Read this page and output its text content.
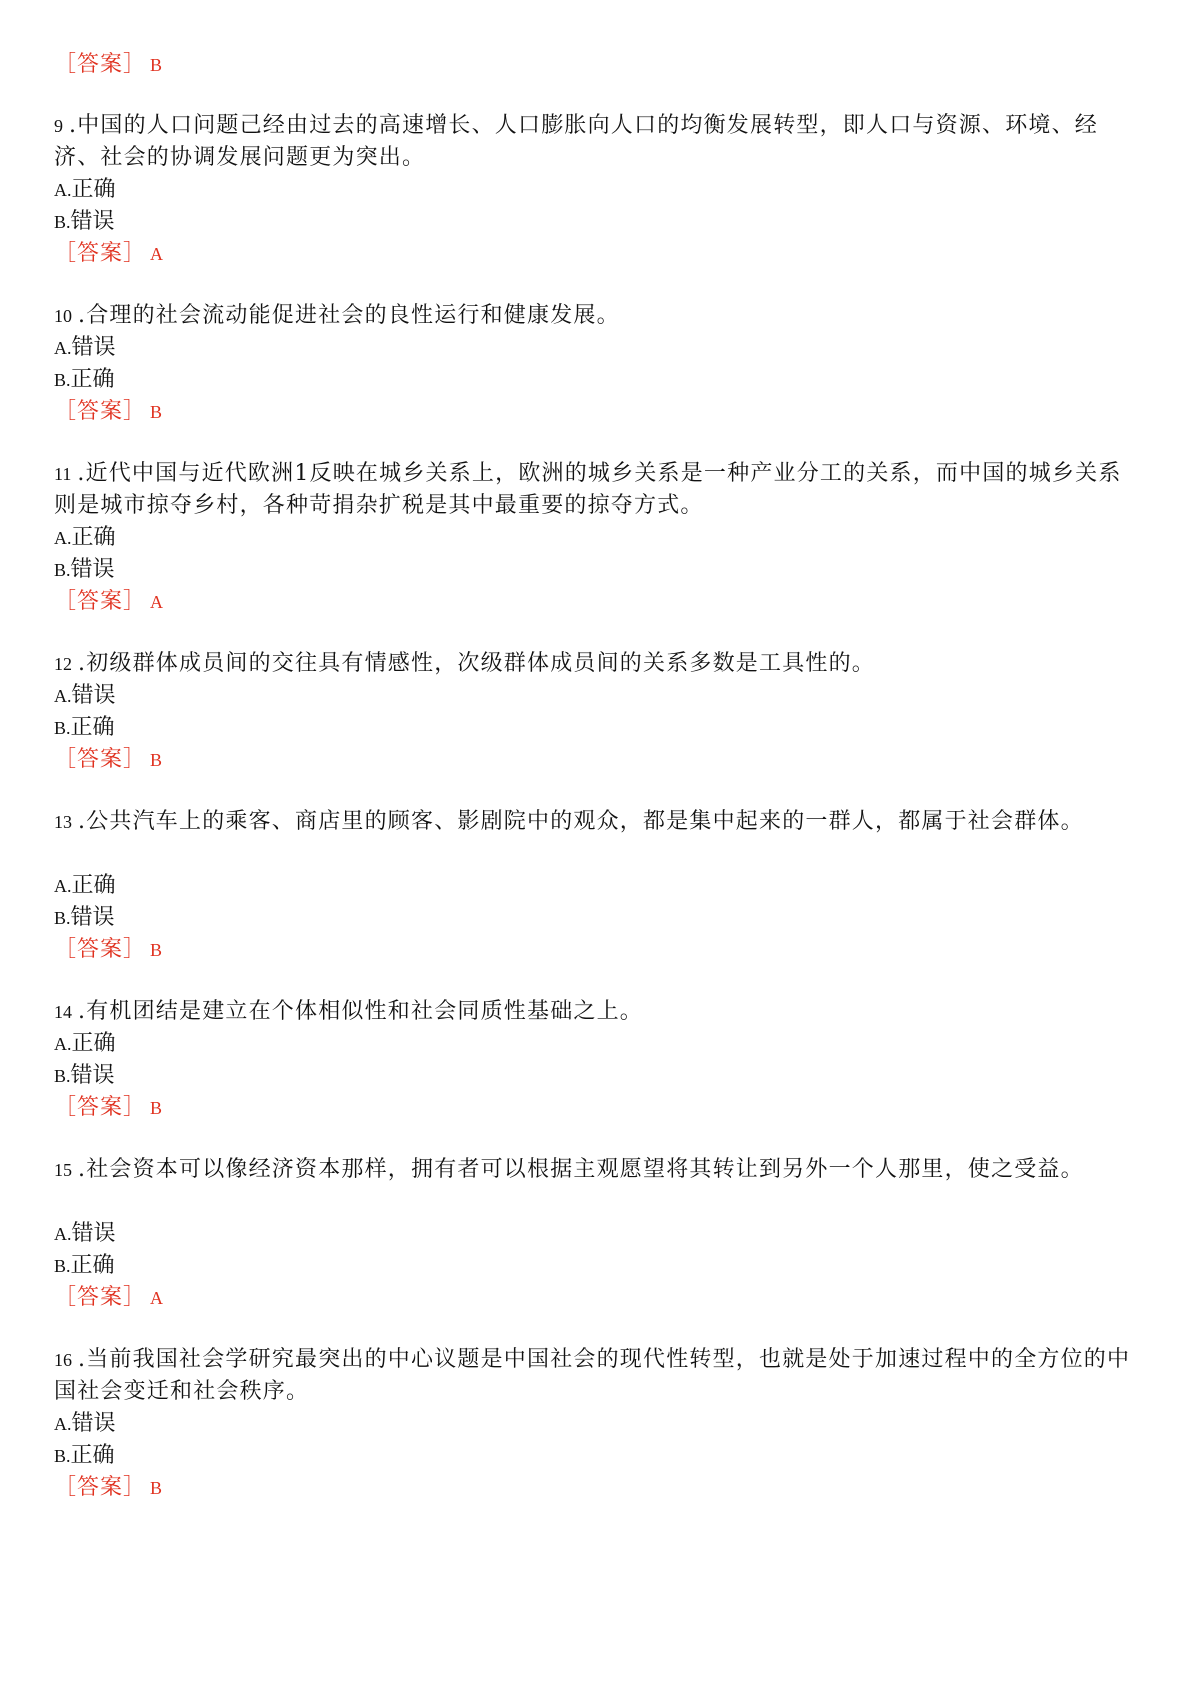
［答案］ B
9 .中国的人口问题己经由过去的高速增长、人口膨胀向人口的均衡发展转型，即人口与资源、环境、经济、社会的协调发展问题更为突出。
A.正确
B.错误
［答案］ A
10 .合理的社会流动能促进社会的良性运行和健康发展。
A.错误
B.正确
［答案］ B
11 .近代中国与近代欧洲1反映在城乡关系上，欧洲的城乡关系是一种产业分工的关系，而中国的城乡关系则是城市掠夺乡村，各种苛捐杂扩税是其中最重要的掠夺方式。
A.正确
B.错误
［答案］ A
12 .初级群体成员间的交往具有情感性，次级群体成员间的关系多数是工具性的。
A.错误
B.正确
［答案］ B
13 .公共汽车上的乘客、商店里的顾客、影剧院中的观众，都是集中起来的一群人，都属于社会群体。
A.正确
B.错误
［答案］ B
14 .有机团结是建立在个体相似性和社会同质性基础之上。
A.正确
B.错误
［答案］ B
15 .社会资本可以像经济资本那样，拥有者可以根据主观愿望将其转让到另外一个人那里，使之受益。
A.错误
B.正确
［答案］ A
16 .当前我国社会学研究最突出的中心议题是中国社会的现代性转型，也就是处于加速过程中的全方位的中国社会变迁和社会秩序。
A.错误
B.正确
［答案］ B
